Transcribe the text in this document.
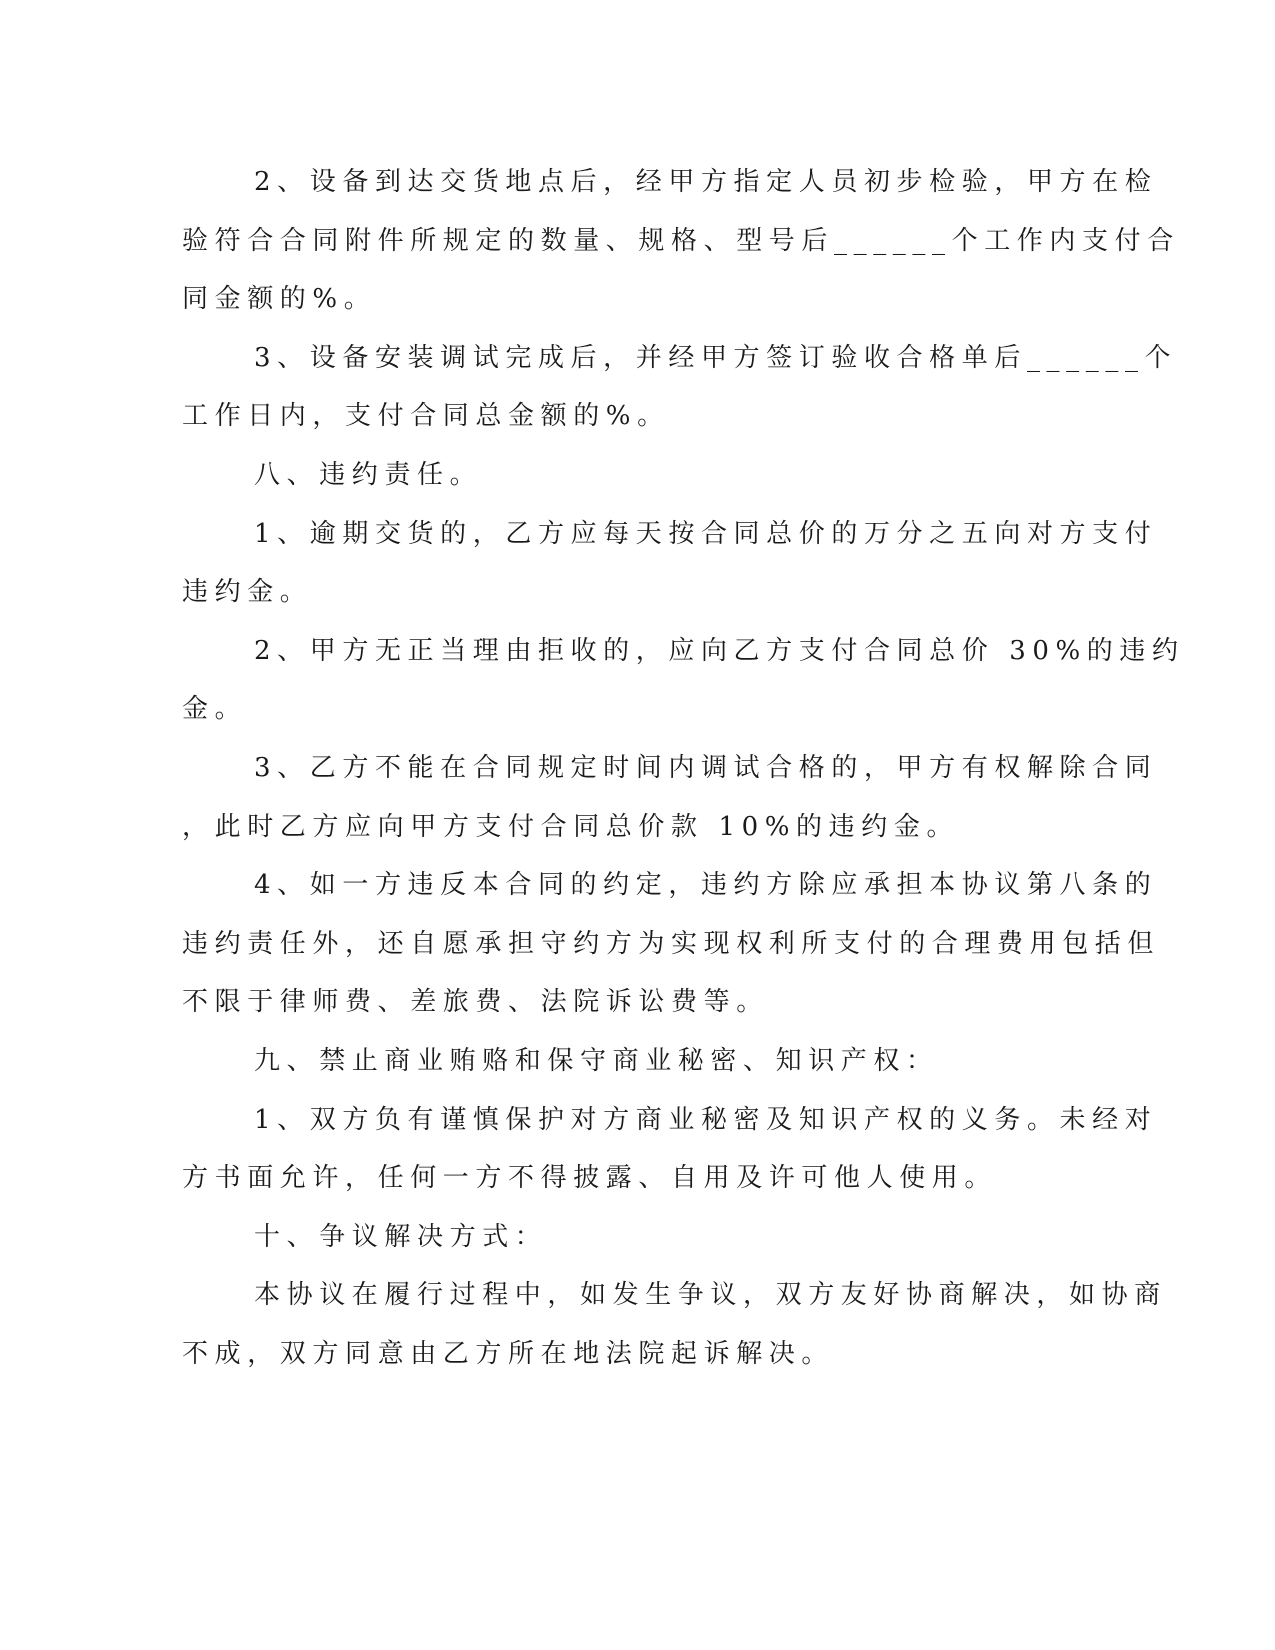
2、设备到达交货地点后，经甲方指定人员初步检验，甲方在检
验符合合同附件所规定的数量、规格、型号后______个工作内支付合
同金额的%。
3、设备安装调试完成后，并经甲方签订验收合格单后______个
工作日内，支付合同总金额的%。
八、违约责任。
1、逾期交货的，乙方应每天按合同总价的万分之五向对方支付
违约金。
2、甲方无正当理由拒收的，应向乙方支付合同总价 30%的违约
金。
3、乙方不能在合同规定时间内调试合格的，甲方有权解除合同
，此时乙方应向甲方支付合同总价款 10%的违约金。
4、如一方违反本合同的约定，违约方除应承担本协议第八条的
违约责任外，还自愿承担守约方为实现权利所支付的合理费用包括但
不限于律师费、差旅费、法院诉讼费等。
九、禁止商业贿赂和保守商业秘密、知识产权：
1、双方负有谨慎保护对方商业秘密及知识产权的义务。未经对
方书面允许，任何一方不得披露、自用及许可他人使用。
十、争议解决方式：
本协议在履行过程中，如发生争议，双方友好协商解决，如协商
不成，双方同意由乙方所在地法院起诉解决。
